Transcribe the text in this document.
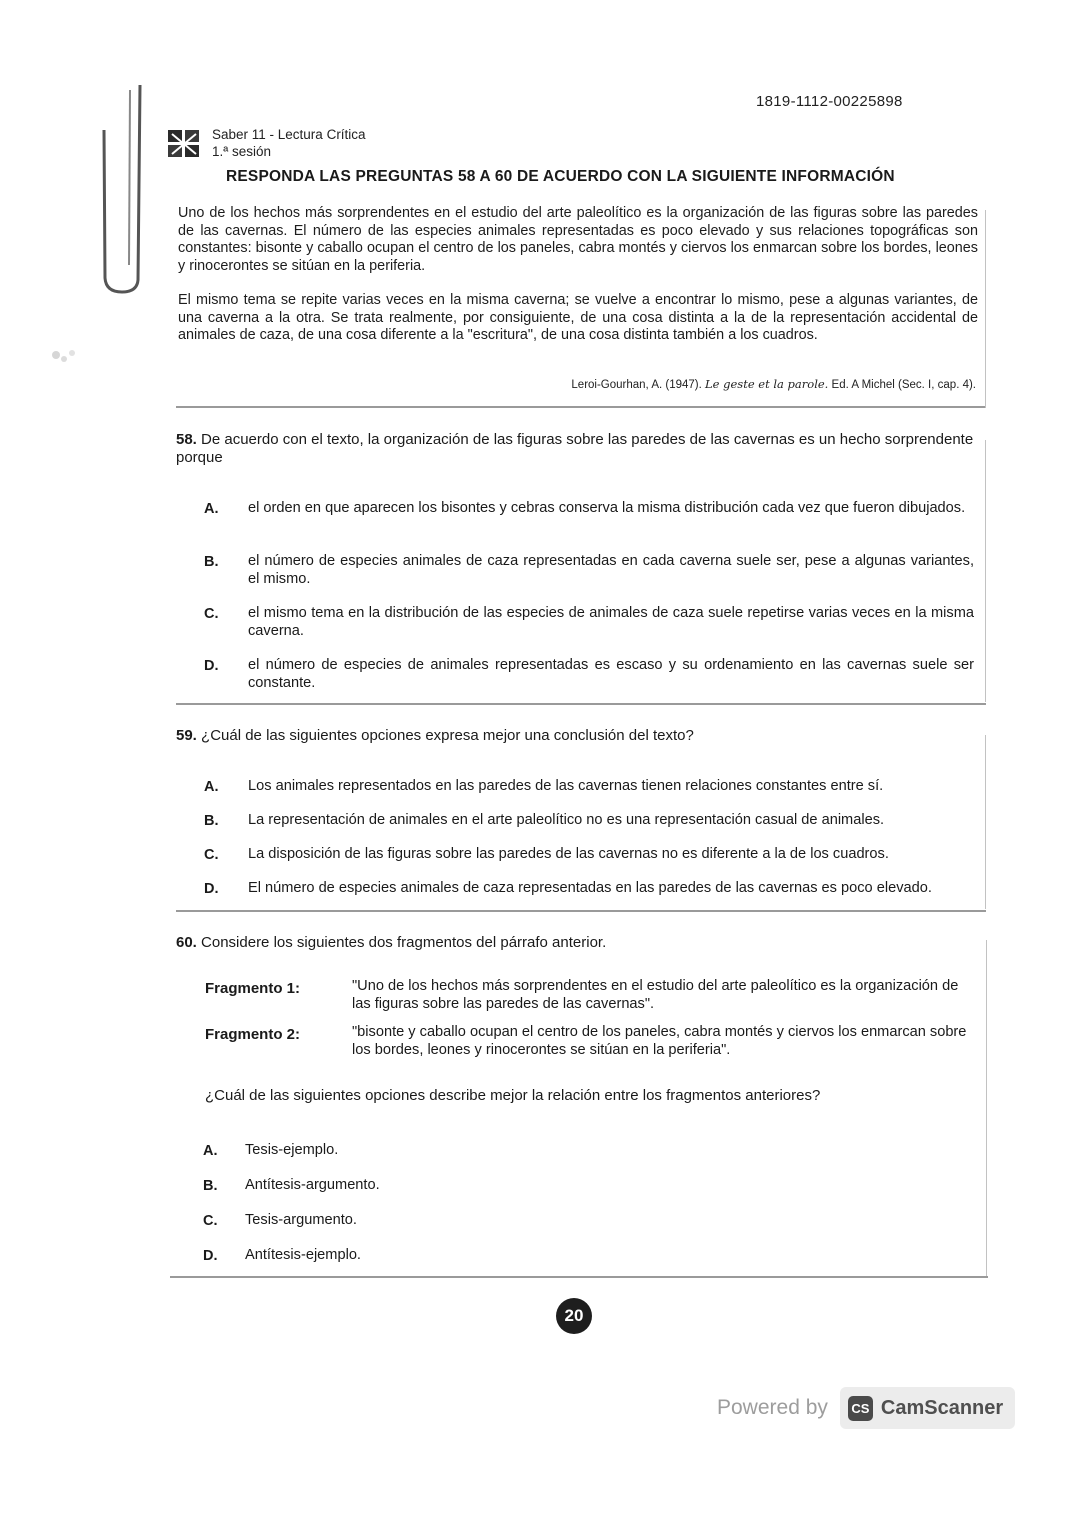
1819-1112-00225898
Saber 11 - Lectura Crítica
1.ª sesión
RESPONDA LAS PREGUNTAS 58 A 60 DE ACUERDO CON LA SIGUIENTE INFORMACIÓN

Uno de los hechos más sorprendentes en el estudio del arte paleolítico es la organización de las figuras sobre las paredes de las cavernas. El número de las especies animales representadas es poco elevado y sus relaciones topográficas son constantes: bisonte y caballo ocupan el centro de los paneles, cabra montés y ciervos los enmarcan sobre los bordes, leones y rinocerontes se sitúan en la periferia.

El mismo tema se repite varias veces en la misma caverna; se vuelve a encontrar lo mismo, pese a algunas variantes, de una caverna a la otra. Se trata realmente, por consiguiente, de una cosa distinta a la de la representación accidental de animales de caza, de una cosa diferente a la "escritura", de una cosa distinta también a los cuadros.

Leroi-Gourhan, A. (1947). Le geste et la parole. Ed. A Michel (Sec. I, cap. 4).
58. De acuerdo con el texto, la organización de las figuras sobre las paredes de las cavernas es un hecho sorprendente porque
A. el orden en que aparecen los bisontes y cebras conserva la misma distribución cada vez que fueron dibujados.
B. el número de especies animales de caza representadas en cada caverna suele ser, pese a algunas variantes, el mismo.
C. el mismo tema en la distribución de las especies de animales de caza suele repetirse varias veces en la misma caverna.
D. el número de especies de animales representadas es escaso y su ordenamiento en las cavernas suele ser constante.
59. ¿Cuál de las siguientes opciones expresa mejor una conclusión del texto?
A. Los animales representados en las paredes de las cavernas tienen relaciones constantes entre sí.
B. La representación de animales en el arte paleolítico no es una representación casual de animales.
C. La disposición de las figuras sobre las paredes de las cavernas no es diferente a la de los cuadros.
D. El número de especies animales de caza representadas en las paredes de las cavernas es poco elevado.
60. Considere los siguientes dos fragmentos del párrafo anterior.
Fragmento 1:	"Uno de los hechos más sorprendentes en el estudio del arte paleolítico es la organización de las figuras sobre las paredes de las cavernas".
Fragmento 2:	"bisonte y caballo ocupan el centro de los paneles, cabra montés y ciervos los enmarcan sobre los bordes, leones y rinocerontes se sitúan en la periferia".
¿Cuál de las siguientes opciones describe mejor la relación entre los fragmentos anteriores?
A. Tesis-ejemplo.
B. Antítesis-argumento.
C. Tesis-argumento.
D. Antítesis-ejemplo.
20
Powered by CS CamScanner
